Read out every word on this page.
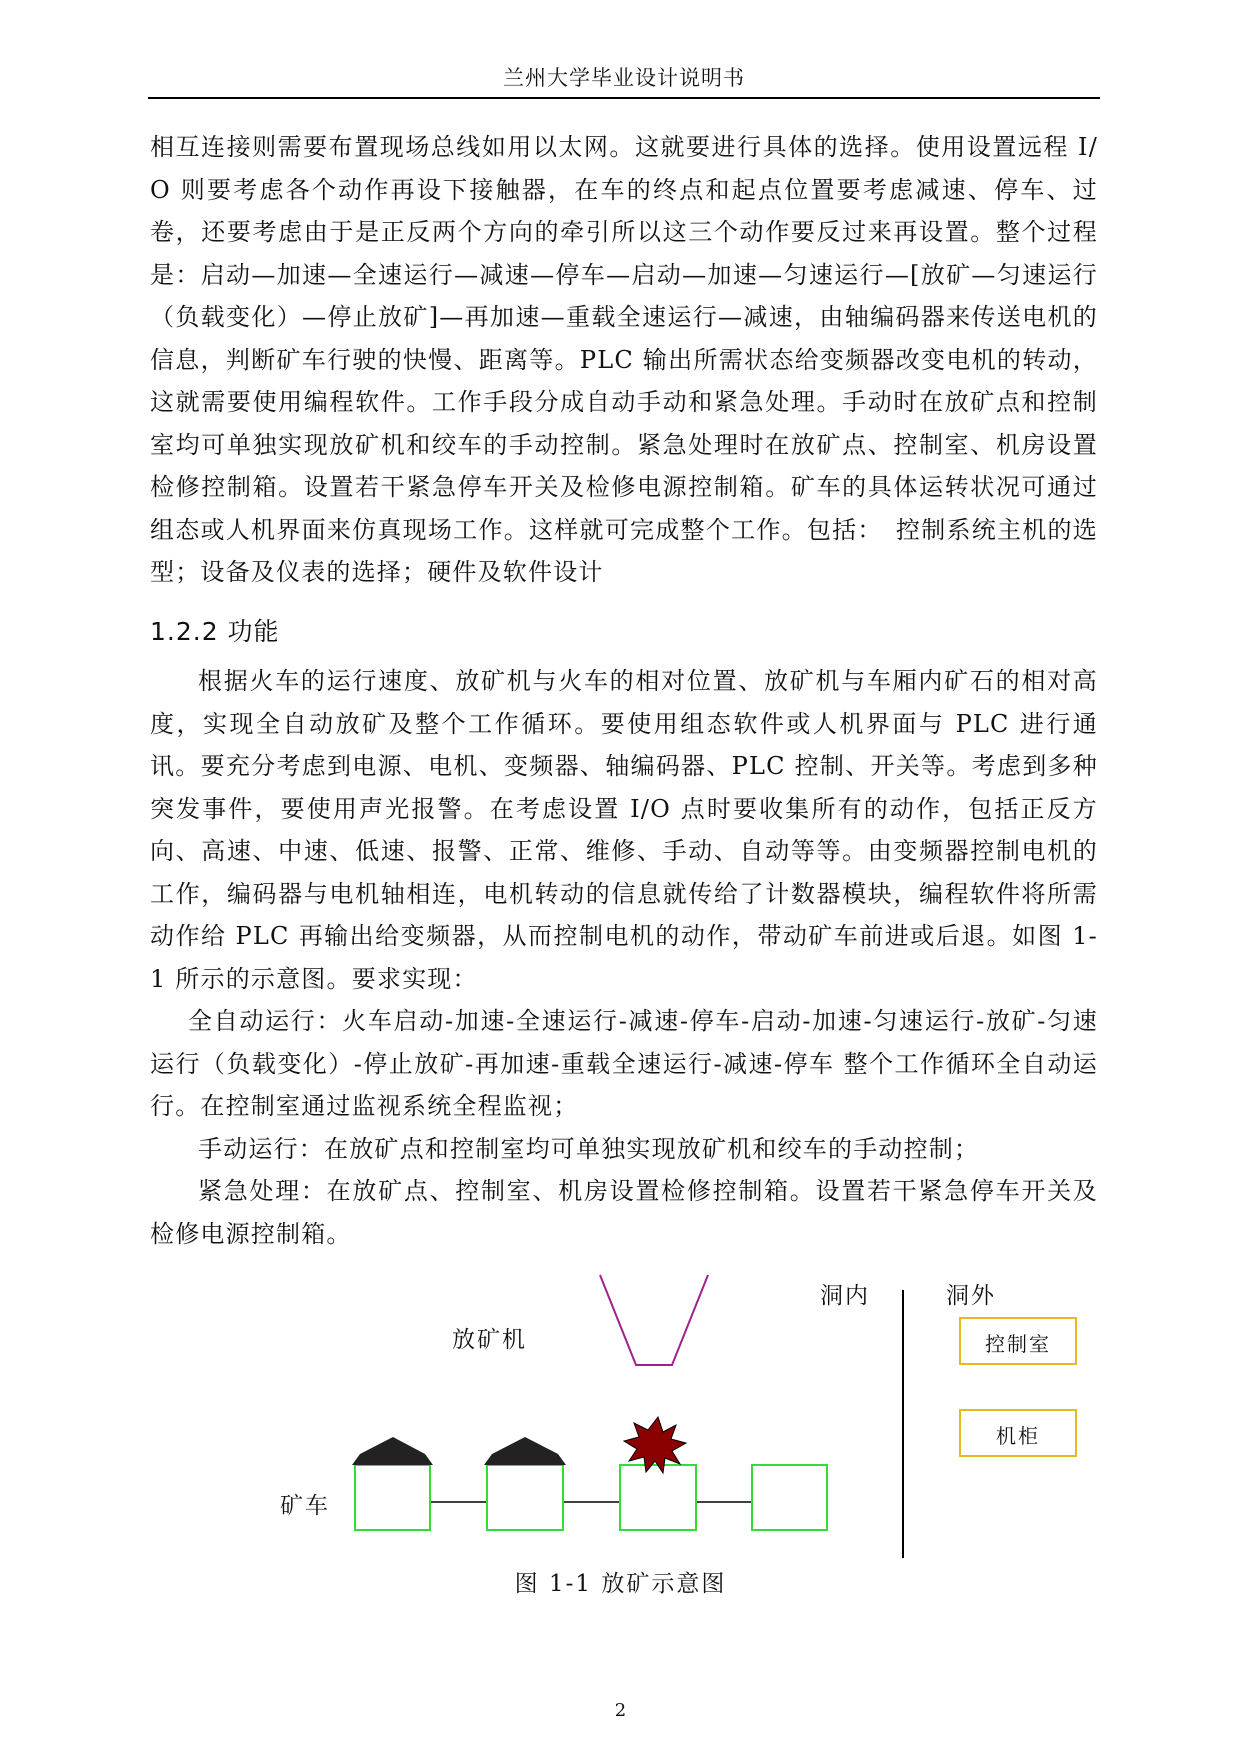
兰州大学毕业设计说明书

相互连接则需要布置现场总线如用以太网。这就要进行具体的选择。使用设置远程 I/O 则要考虑各个动作再设下接触器，在车的终点和起点位置要考虑减速、停车、过卷，还要考虑由于是正反两个方向的牵引所以这三个动作要反过来再设置。整个过程是：启动—加速—全速运行—减速—停车—启动—加速—匀速运行—[放矿—匀速运行（负载变化）—停止放矿]—再加速—重载全速运行—减速，由轴编码器来传送电机的信息，判断矿车行驶的快慢、距离等。PLC 输出所需状态给变频器改变电机的转动，这就需要使用编程软件。工作手段分成自动手动和紧急处理。手动时在放矿点和控制室均可单独实现放矿机和绞车的手动控制。紧急处理时在放矿点、控制室、机房设置检修控制箱。设置若干紧急停车开关及检修电源控制箱。矿车的具体运转状况可通过组态或人机界面来仿真现场工作。这样就可完成整个工作。包括：　控制系统主机的选型；设备及仪表的选择；硬件及软件设计

1.2.2 功能

根据火车的运行速度、放矿机与火车的相对位置、放矿机与车厢内矿石的相对高度，实现全自动放矿及整个工作循环。要使用组态软件或人机界面与 PLC 进行通讯。要充分考虑到电源、电机、变频器、轴编码器、PLC 控制、开关等。考虑到多种突发事件，要使用声光报警。在考虑设置 I/O 点时要收集所有的动作，包括正反方向、高速、中速、低速、报警、正常、维修、手动、自动等等。由变频器控制电机的工作，编码器与电机轴相连，电机转动的信息就传给了计数器模块，编程软件将所需动作给 PLC 再输出给变频器，从而控制电机的动作，带动矿车前进或后退。如图 1-1 所示的示意图。要求实现：

全自动运行：火车启动-加速-全速运行-减速-停车-启动-加速-匀速运行-放矿-匀速运行（负载变化）-停止放矿-再加速-重载全速运行-减速-停车 整个工作循环全自动运行。在控制室通过监视系统全程监视；

手动运行：在放矿点和控制室均可单独实现放矿机和绞车的手动控制；

紧急处理：在放矿点、控制室、机房设置检修控制箱。设置若干紧急停车开关及检修电源控制箱。

洞内	洞外
放矿机	控制室
机柜
矿车
图 1-1 放矿示意图
2
